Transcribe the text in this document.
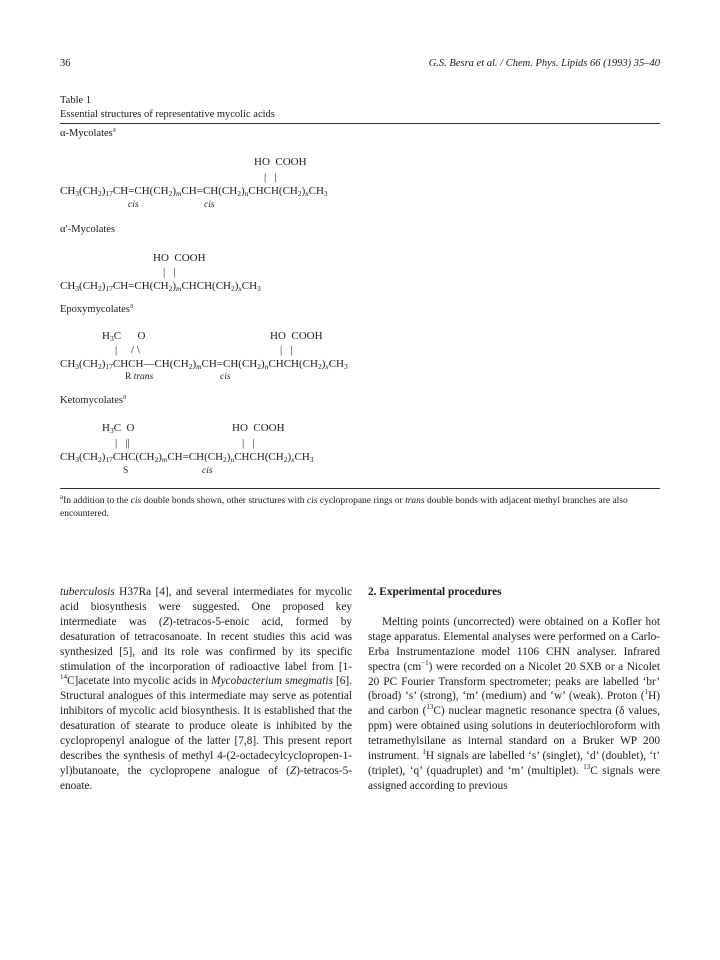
36	G.S. Besra et al. / Chem. Phys. Lipids 66 (1993) 35–40
Table 1
Essential structures of representative mycolic acids
α-Mycolates$^a$
HO  COOH
|   |
$CH_3(CH_2)_{17}CH=CH(CH_2)_mCH=CH(CH_2)_nCHCH(CH_2)_xCH_3$
cis	cis
α′-Mycolates
HO  COOH
|   |
$CH_3(CH_2)_{17}CH=CH(CH_2)_mCHCH(CH_2)_xCH_3$
Epoxymycolates$^a$
$H_3C$      O	HO  COOH
|     / \	|   |
$CH_3(CH_2)_{17}CHCH—CH(CH_2)_mCH=CH(CH_2)_nCHCH(CH_2)_xCH_3$
R trans	cis
Ketomycolates$^a$
$H_3C$  O	HO  COOH
|   ||	|   |
$CH_3(CH_2)_{17}CHC(CH_2)_mCH=CH(CH_2)_nCHCH(CH_2)_xCH_3$
S	cis
$^a$In addition to the cis double bonds shown, other structures with cis cyclopropane rings or trans double bonds with adjacent methyl branches are also encountered.

tuberculosis H37Ra [4], and several intermediates for mycolic acid biosynthesis were suggested. One proposed key intermediate was (Z)-tetracos-5-enoic acid, formed by desaturation of tetracosanoate. In recent studies this acid was synthesized [5], and its role was confirmed by its specific stimulation of the incorporation of radioactive label from [1-$^{14}$C]acetate into mycolic acids in Mycobacterium smegmatis [6]. Structural analogues of this intermediate may serve as potential inhibitors of mycolic acid biosynthesis. It is established that the desaturation of stearate to produce oleate is inhibited by the cyclopropenyl analogue of the latter [7,8]. This present report describes the synthesis of methyl 4-(2-octadecylcyclopropen-1-yl)butanoate, the cyclopropene analogue of (Z)-tetracos-5-enoate.

2. Experimental procedures

Melting points (uncorrected) were obtained on a Kofler hot stage apparatus. Elemental analyses were performed on a Carlo-Erba Instrumentazione model 1106 CHN analyser. Infrared spectra $(cm^{-1})$ were recorded on a Nicolet 20 SXB or a Nicolet 20 PC Fourier Transform spectrometer; peaks are labelled ‘br’ (broad) ‘s’ (strong), ‘m’ (medium) and ‘w’ (weak). Proton ($^1$H) and carbon ($^{13}$C) nuclear magnetic resonance spectra (δ values, ppm) were obtained using solutions in deuteriochloroform with tetramethylsilane as internal standard on a Bruker WP 200 instrument. $^1$H signals are labelled ‘s’ (singlet), ‘d’ (doublet), ‘t’ (triplet), ‘q’ (quadruplet) and ‘m’ (multiplet). $^{13}$C signals were assigned according to previous
